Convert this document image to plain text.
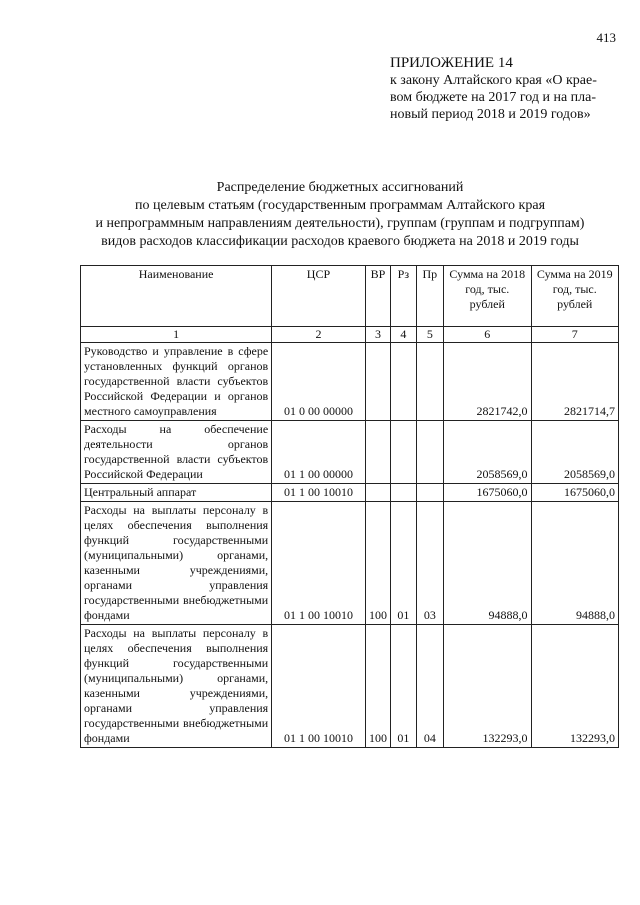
413
ПРИЛОЖЕНИЕ 14
к закону Алтайского края «О крае-
вом бюджете на 2017 год и на пла-
новый период 2018 и 2019 годов»
Распределение бюджетных ассигнований
по целевым статьям (государственным программам Алтайского края
и непрограммным направлениям деятельности), группам (группам и подгруппам)
видов расходов классификации расходов краевого бюджета на 2018 и 2019 годы
Наименование	ЦСР	ВР	Рз	Пр	Сумма на 2018 год, тыс. рублей	Сумма на 2019 год, тыс. рублей
1	2	3	4	5	6	7
Руководство и управление в сфере установленных функций органов государственной власти субъектов Российской Федерации и органов местного самоуправления	01 0 00 00000				2821742,0	2821714,7
Расходы на обеспечение деятельности органов государственной власти субъектов Российской Федерации	01 1 00 00000				2058569,0	2058569,0
Центральный аппарат	01 1 00 10010				1675060,0	1675060,0
Расходы на выплаты персоналу в целях обеспечения выполнения функций государственными (муниципальными) органами, казенными учреждениями, органами управления государственными внебюджетными фондами	01 1 00 10010	100	01	03	94888,0	94888,0
Расходы на выплаты персоналу в целях обеспечения выполнения функций государственными (муниципальными) органами, казенными учреждениями, органами управления государственными внебюджетными фондами	01 1 00 10010	100	01	04	132293,0	132293,0
